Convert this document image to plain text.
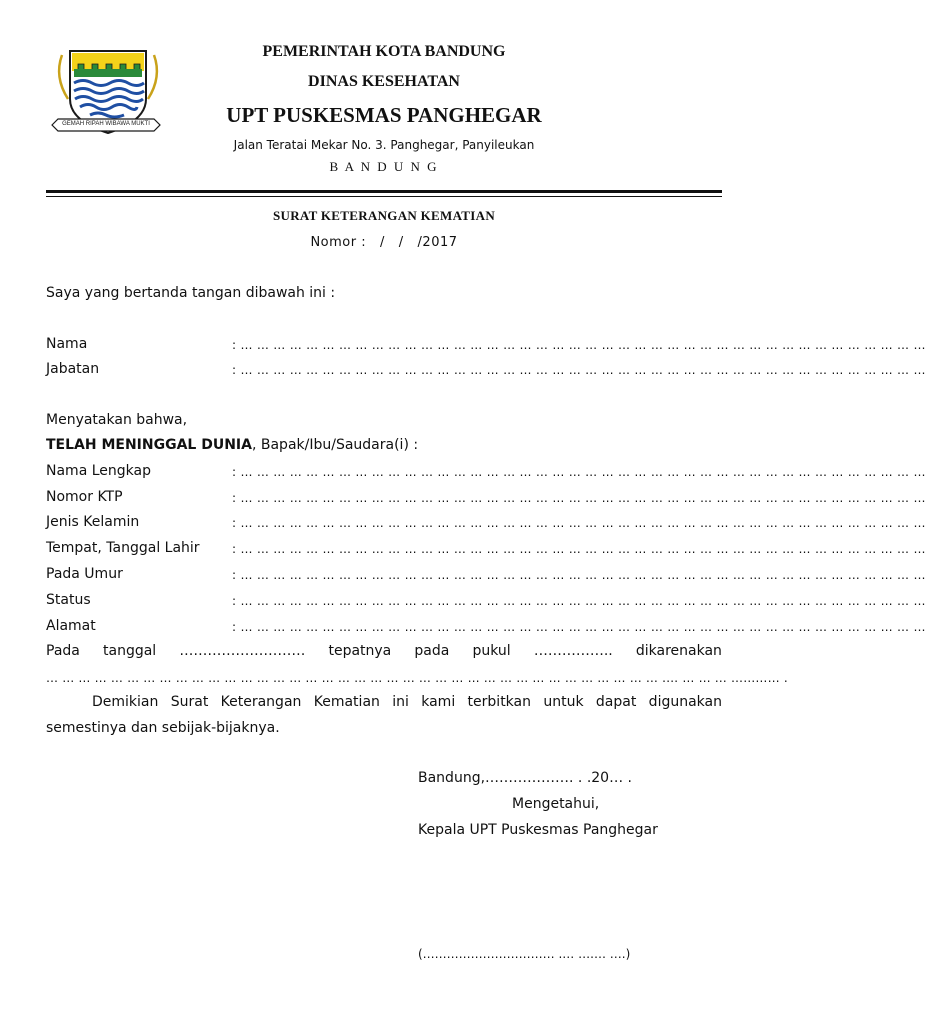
GEMAH RIPAH WIBAWA MUKTI
PEMERINTAH KOTA BANDUNG
DINAS KESEHATAN
UPT PUSKESMAS PANGHEGAR
Jalan Teratai Mekar No. 3. Panghegar, Panyileukan
B A N D U N G
SURAT KETERANGAN KEMATIAN
Nomor :   /   /   /2017
Saya yang bertanda tangan dibawah ini :
Nama	: … … … … … … … … … … … … … … … … … … … … … … … … … … … … … … … … … … … … … … … … … …
Jabatan	: … … … … … … … … … … … … … … … … … … … … … … … … … … … … … … … … … … … … … … … … … …
Menyatakan bahwa,
TELAH MENINGGAL DUNIA, Bapak/Ibu/Saudara(i) :
Nama Lengkap	: … … … … … … … … … … … … … … … … … … … … … … … … … … … … … … … … … … … … … … … … … …
Nomor KTP	: … … … … … … … … … … … … … … … … … … … … … … … … … … … … … … … … … … … … … … … … … …
Jenis Kelamin	: … … … … … … … … … … … … … … … … … … … … … … … … … … … … … … … … … … … … … … … … … …
Tempat, Tanggal Lahir	: … … … … … … … … … … … … … … … … … … … … … … … … … … … … … … … … … … … … … … … … … …
Pada Umur	: … … … … … … … … … … … … … … … … … … … … … … … … … … … … … … … … … … … … … … … … … …
Status	: … … … … … … … … … … … … … … … … … … … … … … … … … … … … … … … … … … … … … … … … … …
Alamat	: … … … … … … … … … … … … … … … … … … … … … … … … … … … … … … … … … … … … … … … … … …
Pada tanggal ……………………… tepatnya pada pukul …………….. dikarenakan
… … … … … … … … … … … … … … … … … … … … … … … … … … … … … … … … … … … … … … .… … … … ………… .
Demikian Surat Keterangan Kematian ini kami terbitkan untuk dapat digunakan
semestinya dan sebijak-bijaknya.
Bandung,………………. . .20… .
Mengetahui,
Kepala UPT Puskesmas Panghegar
(…………………………… .… ….… ….)
